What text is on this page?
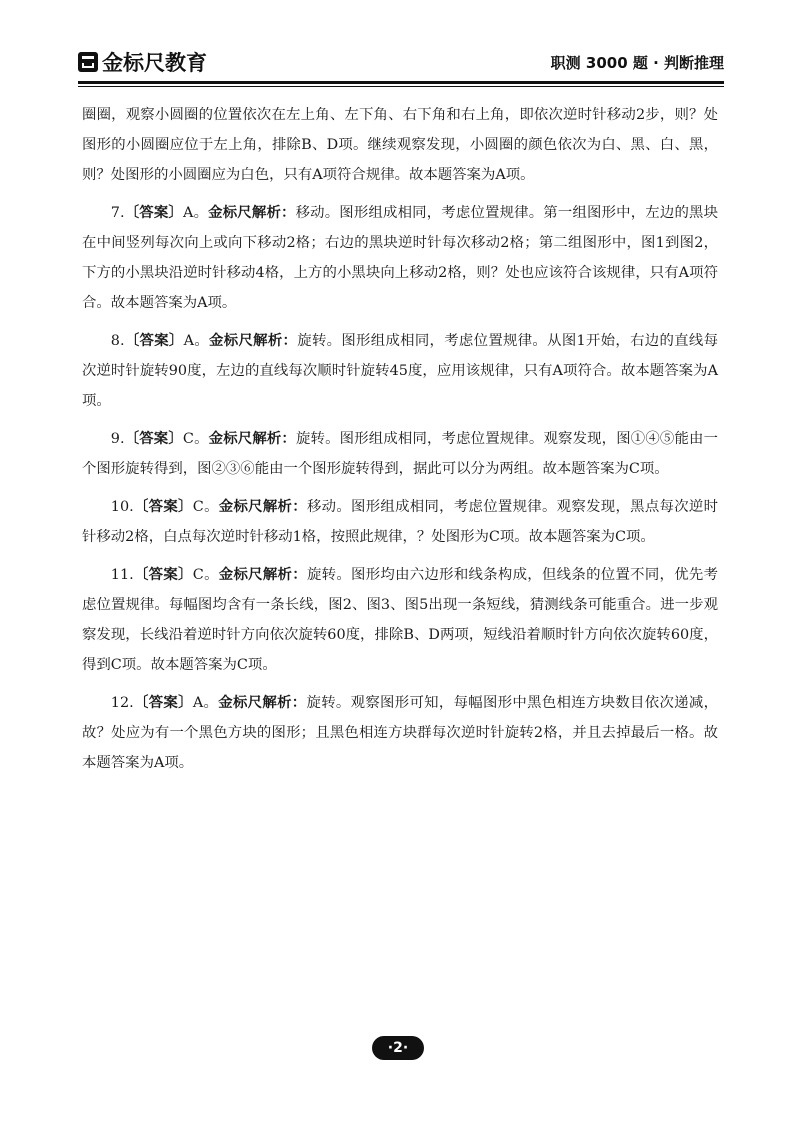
金标尺教育	职测 3000 题 · 判断推理

圈圈，观察小圆圈的位置依次在左上角、左下角、右下角和右上角，即依次逆时针移动2步，则？处图形的小圆圈应位于左上角，排除B、D项。继续观察发现，小圆圈的颜色依次为白、黑、白、黑，则？处图形的小圆圈应为白色，只有A项符合规律。故本题答案为A项。

7.〔答案〕A。金标尺解析：移动。图形组成相同，考虑位置规律。第一组图形中，左边的黑块在中间竖列每次向上或向下移动2格；右边的黑块逆时针每次移动2格；第二组图形中，图1到图2，下方的小黑块沿逆时针移动4格，上方的小黑块向上移动2格，则？处也应该符合该规律，只有A项符合。故本题答案为A项。

8.〔答案〕A。金标尺解析：旋转。图形组成相同，考虑位置规律。从图1开始，右边的直线每次逆时针旋转90度，左边的直线每次顺时针旋转45度，应用该规律，只有A项符合。故本题答案为A项。

9.〔答案〕C。金标尺解析：旋转。图形组成相同，考虑位置规律。观察发现，图①④⑤能由一个图形旋转得到，图②③⑥能由一个图形旋转得到，据此可以分为两组。故本题答案为C项。

10.〔答案〕C。金标尺解析：移动。图形组成相同，考虑位置规律。观察发现，黑点每次逆时针移动2格，白点每次逆时针移动1格，按照此规律，？处图形为C项。故本题答案为C项。

11.〔答案〕C。金标尺解析：旋转。图形均由六边形和线条构成，但线条的位置不同，优先考虑位置规律。每幅图均含有一条长线，图2、图3、图5出现一条短线，猜测线条可能重合。进一步观察发现，长线沿着逆时针方向依次旋转60度，排除B、D两项，短线沿着顺时针方向依次旋转60度，得到C项。故本题答案为C项。

12.〔答案〕A。金标尺解析：旋转。观察图形可知，每幅图形中黑色相连方块数目依次递减，故？处应为有一个黑色方块的图形；且黑色相连方块群每次逆时针旋转2格，并且去掉最后一格。故本题答案为A项。

·2·
